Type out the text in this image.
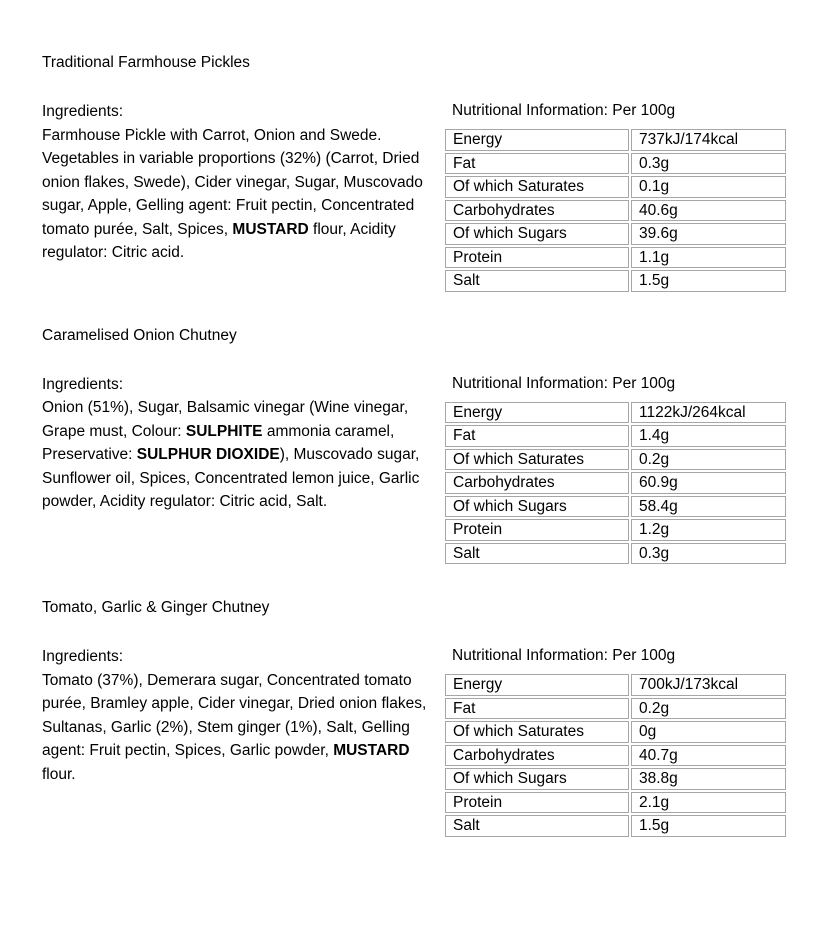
Traditional Farmhouse Pickles
Ingredients:

Farmhouse Pickle with Carrot, Onion and Swede. Vegetables in variable proportions (32%) (Carrot, Dried onion flakes, Swede), Cider vinegar, Sugar, Muscovado sugar, Apple, Gelling agent: Fruit pectin, Concentrated tomato purée, Salt, Spices, MUSTARD flour, Acidity regulator: Citric acid.

Nutritional Information: Per 100g
Energy	737kJ/174kcal
Fat	0.3g
Of which Saturates	0.1g
Carbohydrates	40.6g
Of which Sugars	39.6g
Protein	1.1g
Salt	1.5g
Caramelised Onion Chutney
Ingredients:

Onion (51%), Sugar, Balsamic vinegar (Wine vinegar, Grape must, Colour: SULPHITE ammonia caramel, Preservative: SULPHUR DIOXIDE), Muscovado sugar, Sunflower oil, Spices, Concentrated lemon juice, Garlic powder, Acidity regulator: Citric acid, Salt.

Nutritional Information: Per 100g
Energy	1122kJ/264kcal
Fat	1.4g
Of which Saturates	0.2g
Carbohydrates	60.9g
Of which Sugars	58.4g
Protein	1.2g
Salt	0.3g
Tomato, Garlic & Ginger Chutney
Ingredients:

Tomato (37%), Demerara sugar, Concentrated tomato purée, Bramley apple, Cider vinegar, Dried onion flakes, Sultanas, Garlic (2%), Stem ginger (1%), Salt, Gelling agent: Fruit pectin, Spices, Garlic powder, MUSTARD flour.

Nutritional Information: Per 100g
Energy	700kJ/173kcal
Fat	0.2g
Of which Saturates	0g
Carbohydrates	40.7g
Of which Sugars	38.8g
Protein	2.1g
Salt	1.5g
